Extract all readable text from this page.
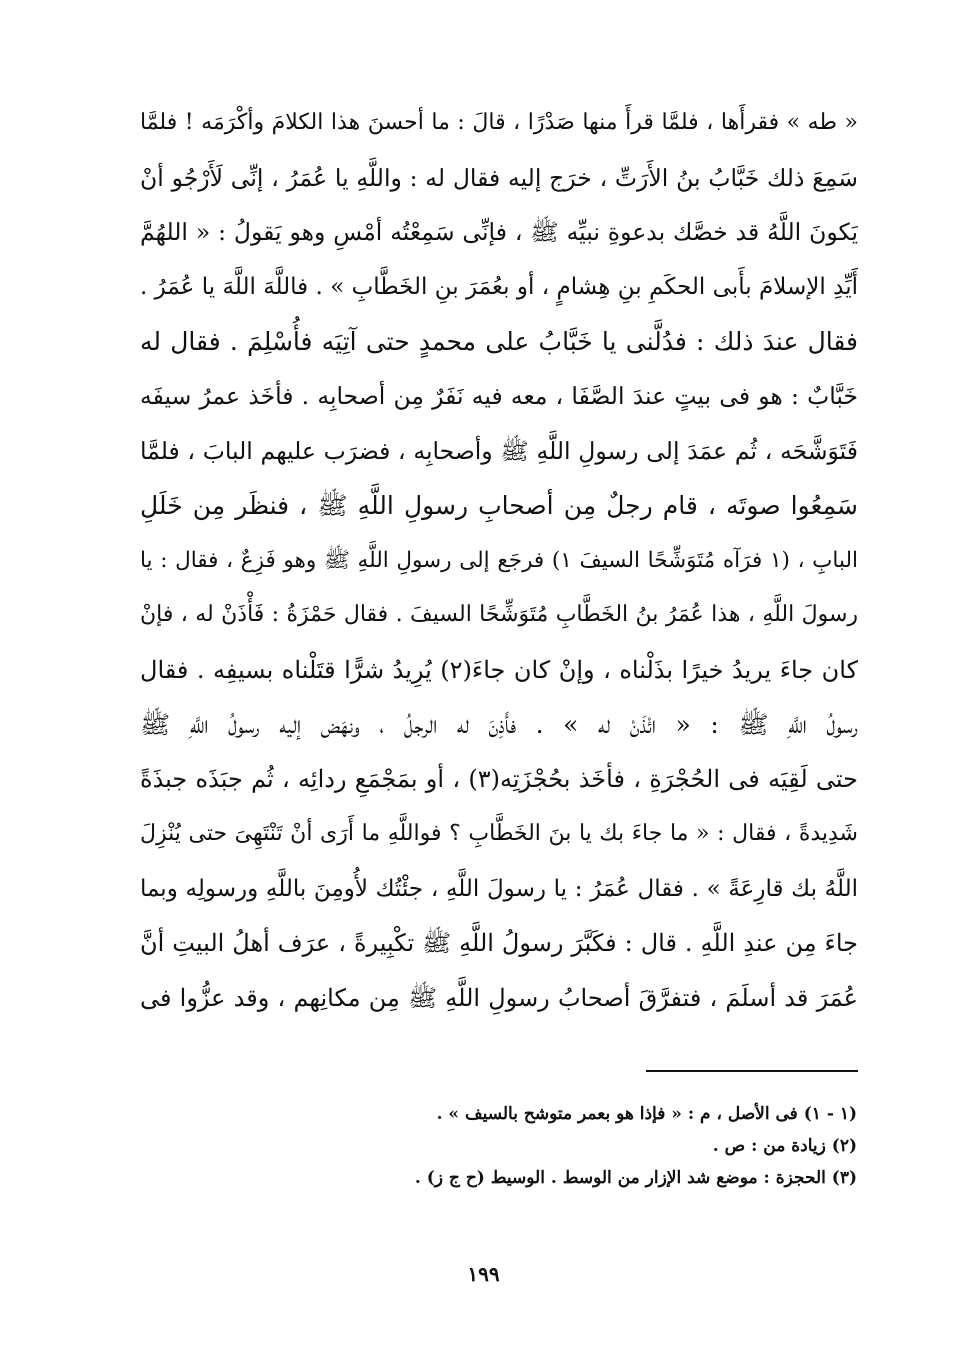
« طه » فقرأَها ، فلمَّا قرأَ منها صَدْرًا ، قالَ : ما أحسنَ هذا الكلامَ وأكْرَمَه ! فلمَّا
سَمِعَ ذلك خَبَّابُ بنُ الأَرَتِّ ، خرَج إليه فقال له : واللَّهِ يا عُمَرُ ، إنِّى لَأَرْجُو أنْ
يَكونَ اللَّهُ قد خصَّك بدعوةِ نبيِّه ﷺ ، فإنِّى سَمِعْتُه أمْسِ وهو يَقولُ : « اللهُمَّ
أَيِّدِ الإسلامَ بأَبى الحكَمِ بنِ هِشامٍ ، أو بعُمَرَ بنِ الخَطَّابِ » . فاللَّهَ اللَّهَ يا عُمَرُ .
فقال عندَ ذلك : فدُلَّنى يا خَبَّابُ على محمدٍ حتى آتِيَه فأُسْلِمَ . فقال له
خَبَّابٌ : هو فى بيتٍ عندَ الصَّفَا ، معه فيه نَفَرٌ مِن أصحابِه . فأخَذ عمرُ سيفَه
فَتَوَشَّحَه ، ثُم عمَدَ إلى رسولِ اللَّهِ ﷺ وأصحابِه ، فضرَب عليهم البابَ ، فلمَّا
سَمِعُوا صوتَه ، قام رجلٌ مِن أصحابِ رسولِ اللَّهِ ﷺ ، فنظَر مِن خَلَلِ
البابِ ، (١ فرَآه مُتَوَشِّحًا السيفَ ١) فرجَع إلى رسولِ اللَّهِ ﷺ وهو فَزِعٌ ، فقال : يا
رسولَ اللَّهِ ، هذا عُمَرُ بنُ الخَطَّابِ مُتَوَشِّحًا السيفَ . فقال حَمْزَةُ : فَأْذَنْ له ، فإنْ
كان جاءَ يريدُ خيرًا بذَلْناه ، وإنْ كان جاءَ(٢) يُرِيدُ شرًّا قتَلْناه بسيفِه . فقال
رسولُ اللَّهِ ﷺ : « ائْذَنْ له » . فأَذِنَ له الرجلُ ، ونهَض إليه رسولُ اللَّهِ ﷺ
حتى لَقِيَه فى الحُجْرَةِ ، فأخَذ بحُجْزَتِه(٣) ، أو بمَجْمَعِ ردائِه ، ثُم جبَذَه جبذَةً
شَدِيدةً ، فقال : « ما جاءَ بك يا بنَ الخَطَّابِ ؟ فواللَّهِ ما أَرَى أنْ تَنْتَهِىَ حتى يُنْزِلَ
اللَّهُ بك قارِعَةً » . فقال عُمَرُ : يا رسولَ اللَّهِ ، جئْتُك لأُومِنَ باللَّهِ ورسولِه وبما
جاءَ مِن عندِ اللَّهِ . قال : فكَبَّرَ رسولُ اللَّهِ ﷺ تكْبِيرةً ، عرَف أهلُ البيتِ أنَّ
عُمَرَ قد أسلَمَ ، فتفرَّقَ أصحابُ رسولِ اللَّهِ ﷺ مِن مكانِهم ، وقد عزُّوا فى
(١ - ١) فى الأصل ، م : « فإذا هو بعمر متوشح بالسيف » .
(٢) زيادة من : ص .
(٣) الحجزة : موضع شد الإزار من الوسط . الوسيط (ح ج ز) .
١٩٩
